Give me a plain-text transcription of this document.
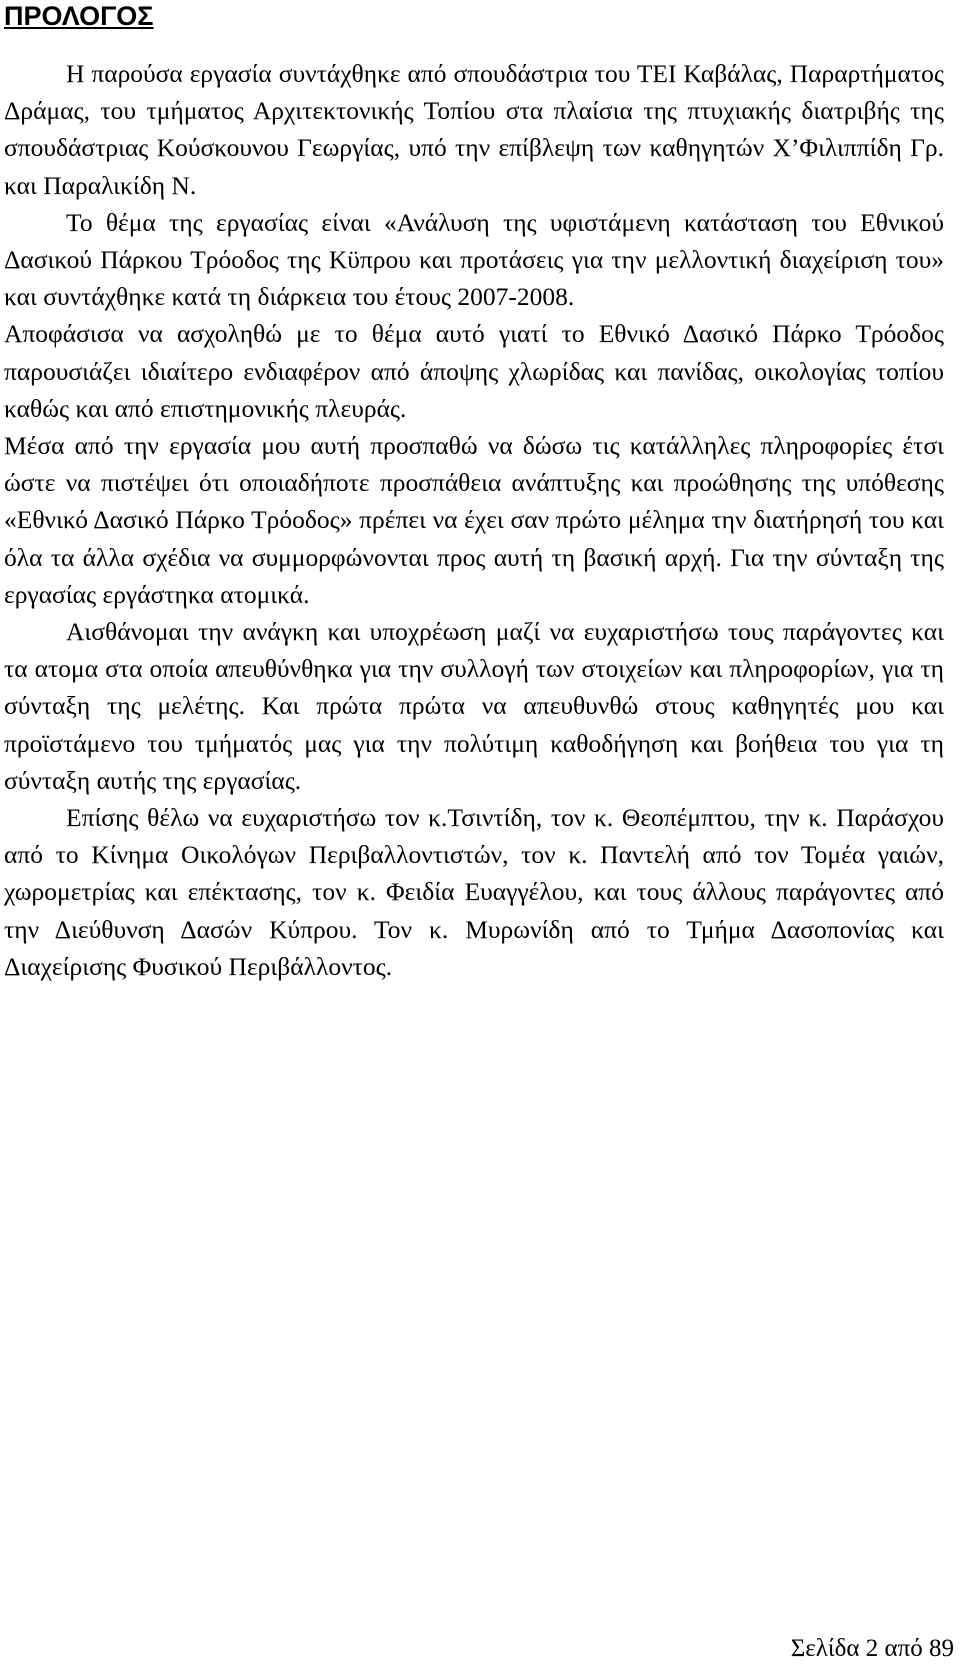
ΠΡΟΛΟΓΟΣ

Η παρούσα εργασία συντάχθηκε από σπουδάστρια του ΤΕΙ Καβάλας, Παραρτήματος Δράμας, του τμήματος Αρχιτεκτονικής Τοπίου στα πλαίσια της πτυχιακής διατριβής της σπουδάστριας Κούσκουνου Γεωργίας, υπό την επίβλεψη των καθηγητών Χ’Φιλιππίδη Γρ. και Παραλικίδη Ν.

Το θέμα της εργασίας είναι «Ανάλυση της υφιστάμενη κατάσταση του Εθνικού Δασικού Πάρκου Τρόοδος της Κϋπρου και προτάσεις για την μελλοντική διαχείριση του» και συντάχθηκε κατά τη διάρκεια του έτους 2007-2008.

Αποφάσισα να ασχοληθώ με το θέμα αυτό γιατί το Εθνικό Δασικό Πάρκο Τρόοδος παρουσιάζει ιδιαίτερο ενδιαφέρον από άποψης χλωρίδας και πανίδας, οικολογίας τοπίου καθώς και από επιστημονικής πλευράς.

Μέσα από την εργασία μου αυτή προσπαθώ να δώσω τις κατάλληλες πληροφορίες έτσι ώστε να πιστέψει ότι οποιαδήποτε προσπάθεια ανάπτυξης και προώθησης της υπόθεσης «Εθνικό Δασικό Πάρκο Τρόοδος» πρέπει να έχει σαν πρώτο μέλημα την διατήρησή του και όλα τα άλλα σχέδια να συμμορφώνονται προς αυτή τη βασική αρχή. Για την σύνταξη της εργασίας εργάστηκα ατομικά.

Αισθάνομαι την ανάγκη και υποχρέωση μαζί να ευχαριστήσω τους παράγοντες και τα ατομα στα οποία απευθύνθηκα για την συλλογή των στοιχείων και πληροφορίων, για τη σύνταξη της μελέτης. Και πρώτα πρώτα να απευθυνθώ στους καθηγητές μου και προϊστάμενο του τμήματός μας για την πολύτιμη καθοδήγηση και βοήθεια του για τη σύνταξη αυτής της εργασίας.

Επίσης θέλω να ευχαριστήσω τον κ.Τσιντίδη, τον κ. Θεοπέμπτου, την κ. Παράσχου από το Κίνημα Οικολόγων Περιβαλλοντιστών, τον κ. Παντελή από τον Τομέα γαιών, χωρομετρίας και επέκτασης, τον κ. Φειδία Ευαγγέλου, και τους άλλους παράγοντες από την Διεύθυνση Δασών Κύπρου. Τον κ. Μυρωνίδη από το Τμήμα Δασοπονίας και Διαχείρισης Φυσικού Περιβάλλοντος.

Σελίδα 2 από 89
